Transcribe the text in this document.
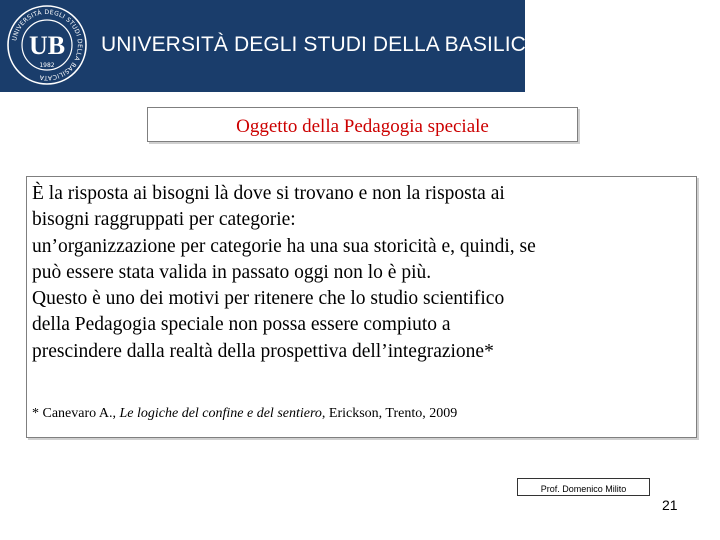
UNIVERSITÀ DEGLI STUDI DELLA BASILICATA
UB
1982
UNIVERSITÀ DEGLI STUDI DELLA BASILICATA
Oggetto della Pedagogia speciale

È la risposta ai bisogni là dove si trovano e non la risposta ai
bisogni raggruppati per categorie:
un’organizzazione per categorie ha una sua storicità e, quindi, se
può essere stata valida in passato oggi non lo è più.
Questo è uno dei motivi per ritenere che lo studio scientifico
della Pedagogia speciale non possa essere compiuto a
prescindere dalla realtà della prospettiva dell’integrazione*

* Canevaro A., Le logiche del confine e del sentiero, Erickson, Trento, 2009

Prof. Domenico Milito
21
